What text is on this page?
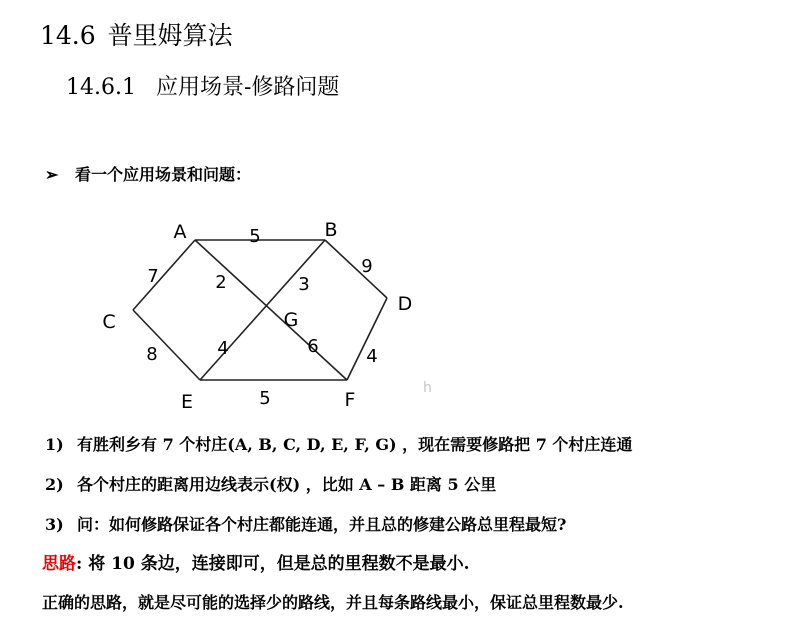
14.6 普里姆算法
14.6.1 应用场景-修路问题
➢ 看一个应用场景和问题：
A	B
C
D
E	F
G
5
7	2	3
9
8	4	6	4
5	h
1) 有胜利乡有 7 个村庄(A, B, C, D, E, F, G) ，现在需要修路把 7 个村庄连通
2) 各个村庄的距离用边线表示(权) ，比如 A – B 距离 5 公里
3) 问：如何修路保证各个村庄都能连通，并且总的修建公路总里程最短?
思路: 将 10 条边，连接即可，但是总的里程数不是最小.
正确的思路，就是尽可能的选择少的路线，并且每条路线最小，保证总里程数最少.
